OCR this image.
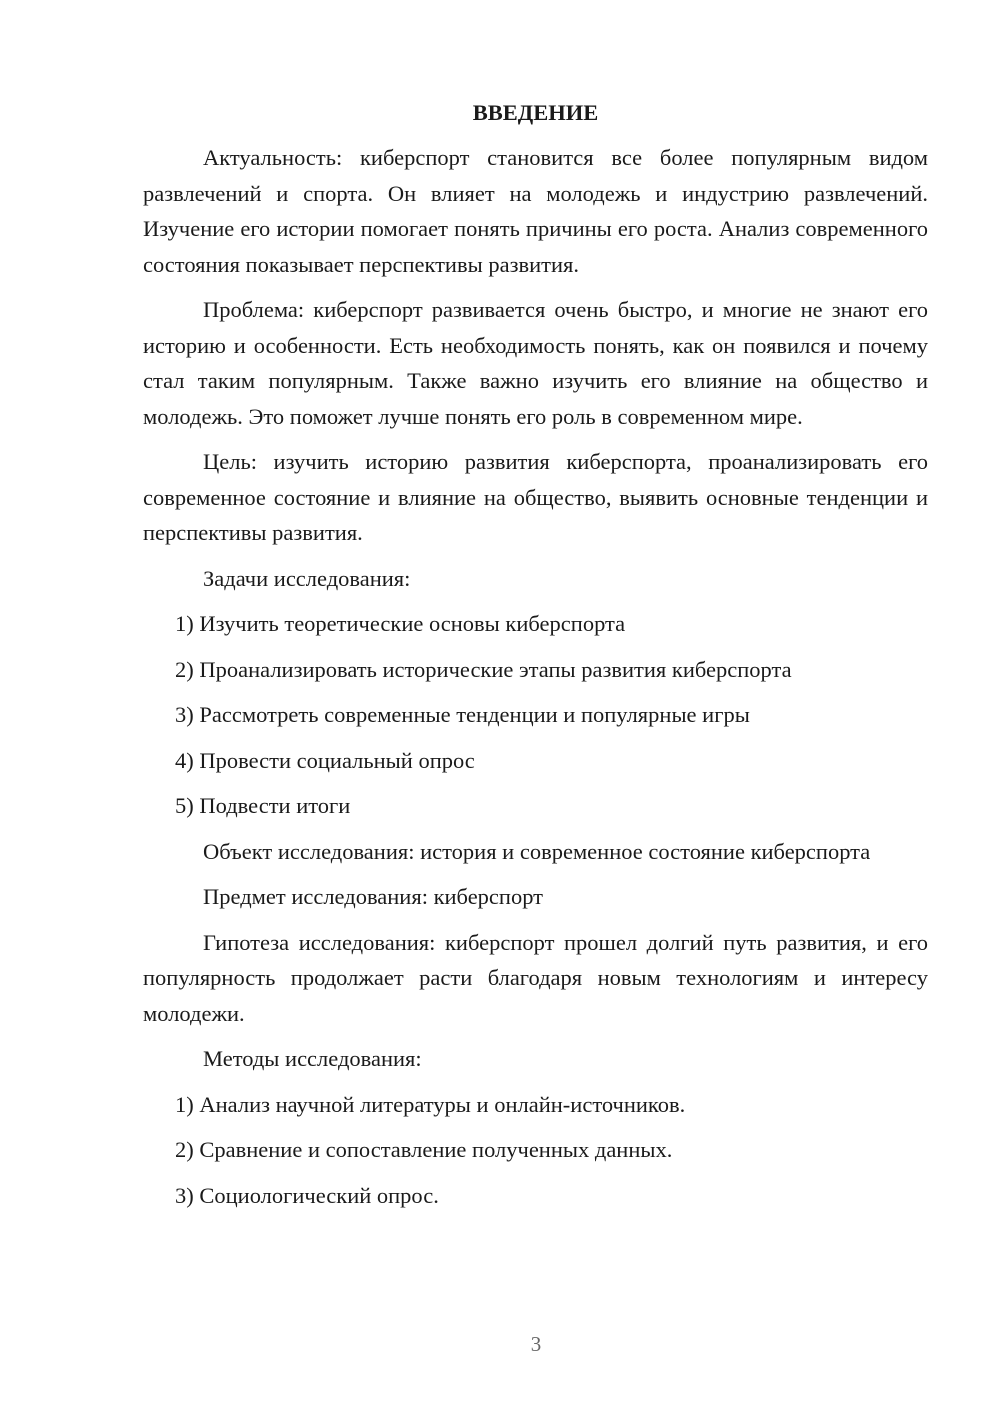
ВВЕДЕНИЕ

Актуальность: киберспорт становится все более популярным видом развлечений и спорта. Он влияет на молодежь и индустрию развлечений. Изучение его истории помогает понять причины его роста. Анализ современного состояния показывает перспективы развития.

Проблема: киберспорт развивается очень быстро, и многие не знают его историю и особенности. Есть необходимость понять, как он появился и почему стал таким популярным. Также важно изучить его влияние на общество и молодежь. Это поможет лучше понять его роль в современном мире.

Цель: изучить историю развития киберспорта, проанализировать его современное состояние и влияние на общество, выявить основные тенденции и перспективы развития.

Задачи исследования:

1) Изучить теоретические основы киберспорта
2) Проанализировать исторические этапы развития киберспорта
3) Рассмотреть современные тенденции и популярные игры
4) Провести социальный опрос
5) Подвести итоги

Объект исследования: история и современное состояние киберспорта

Предмет исследования: киберспорт

Гипотеза исследования: киберспорт прошел долгий путь развития, и его популярность продолжает расти благодаря новым технологиям и интересу молодежи.

Методы исследования:

1) Анализ научной литературы и онлайн-источников.
2) Сравнение и сопоставление полученных данных.
3) Социологический опрос.
3
